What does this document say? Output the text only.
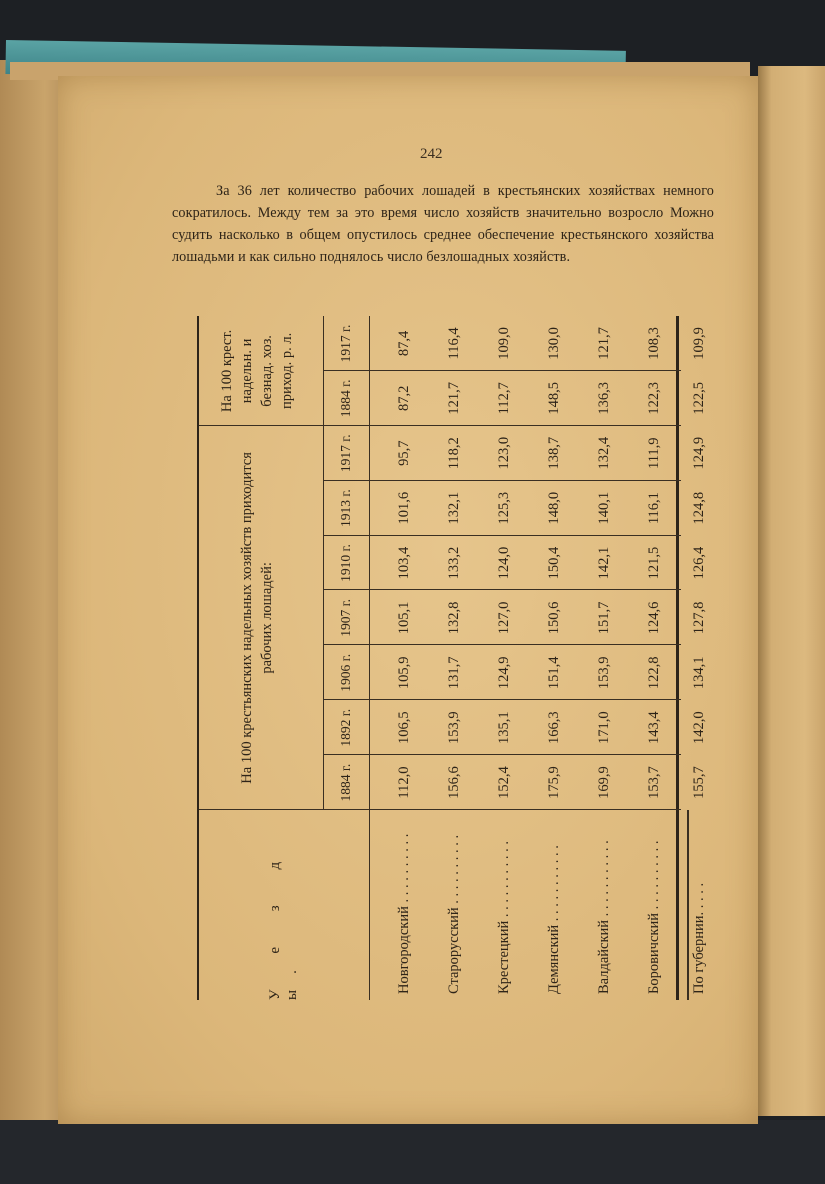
242

За 36 лет количество рабочих лошадей в крестьянских хозяйствах немного сократилось. Между тем за это время число хозяйств значительно возросло Можно судить насколько в общем опустилось среднее обеспечение крестьянского хозяйства лошадьми и как сильно поднялось число безлошадных хозяйств.

У е з д ы.
На 100 крестьянских надельных хозяйств приходится рабочих лошадей:
На 100 крест. надельн. и безнад. хоз. приход. р. л.
1884 г.
1892 г.
1906 г.
1907 г.
1910 г.
1913 г.
1917 г.
1884 г.
1917 г.
Новгородский . . . . . . . . . .
112,0
106,5
105,9
105,1
103,4
101,6
95,7
87,2
87,4
Старорусский . . . . . . . . . .
156,6
153,9
131,7
132,8
133,2
132,1
118,2
121,7
116,4
Крестецкий . . . . . . . . . . .
152,4
135,1
124,9
127,0
124,0
125,3
123,0
112,7
109,0
Демянский . . . . . . . . . . .
175,9
166,3
151,4
150,6
150,4
148,0
138,7
148,5
130,0
Валдайский . . . . . . . . . . .
169,9
171,0
153,9
151,7
142,1
140,1
132,4
136,3
121,7
Боровичский . . . . . . . . . .
153,7
143,4
122,8
124,6
121,5
116,1
111,9
122,3
108,3
По губернии. . . . .
155,7
142,0
134,1
127,8
126,4
124,8
124,9
122,5
109,9
